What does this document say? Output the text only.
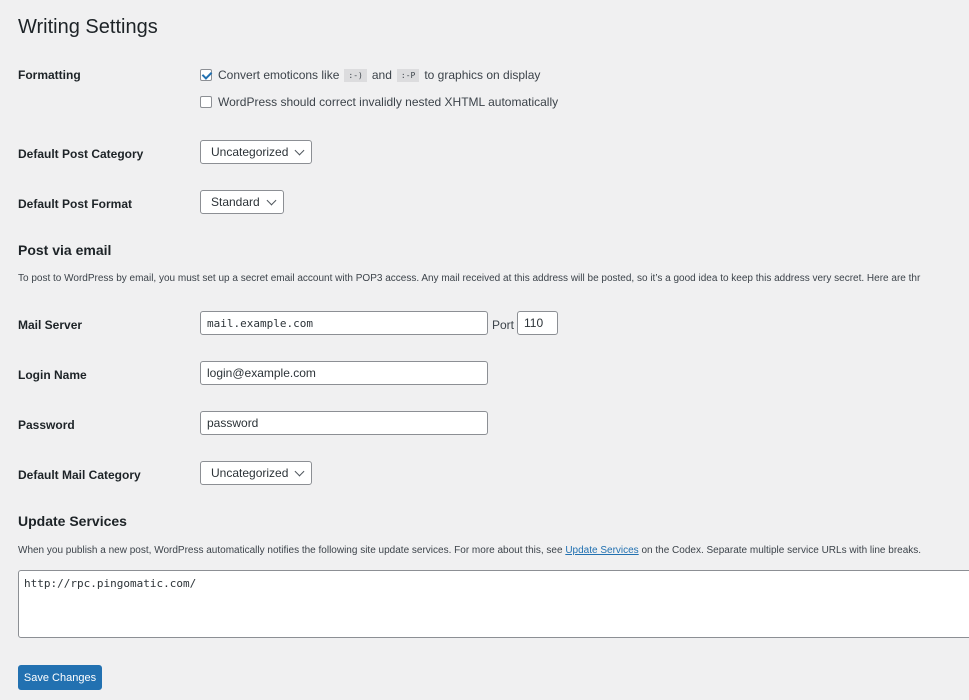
Writing Settings
Formatting	Convert emoticons like	:-) and	:-P to graphics on display
WordPress should correct invalidly nested XHTML automatically
Default Post Category	Uncategorized
Default Post Format	Standard
Post via email
To post to WordPress by email, you must set up a secret email account with POP3 access. Any mail received at this address will be posted, so it’s a good idea to keep this address very secret. Here are thr
Mail Server	mail.example.com	Port 110
Login Name	login@example.com
Password	password
Default Mail Category	Uncategorized
Update Services
When you publish a new post, WordPress automatically notifies the following site update services. For more about this, see Update Services on the Codex. Separate multiple service URLs with line breaks.
http://rpc.pingomatic.com/
Save Changes
